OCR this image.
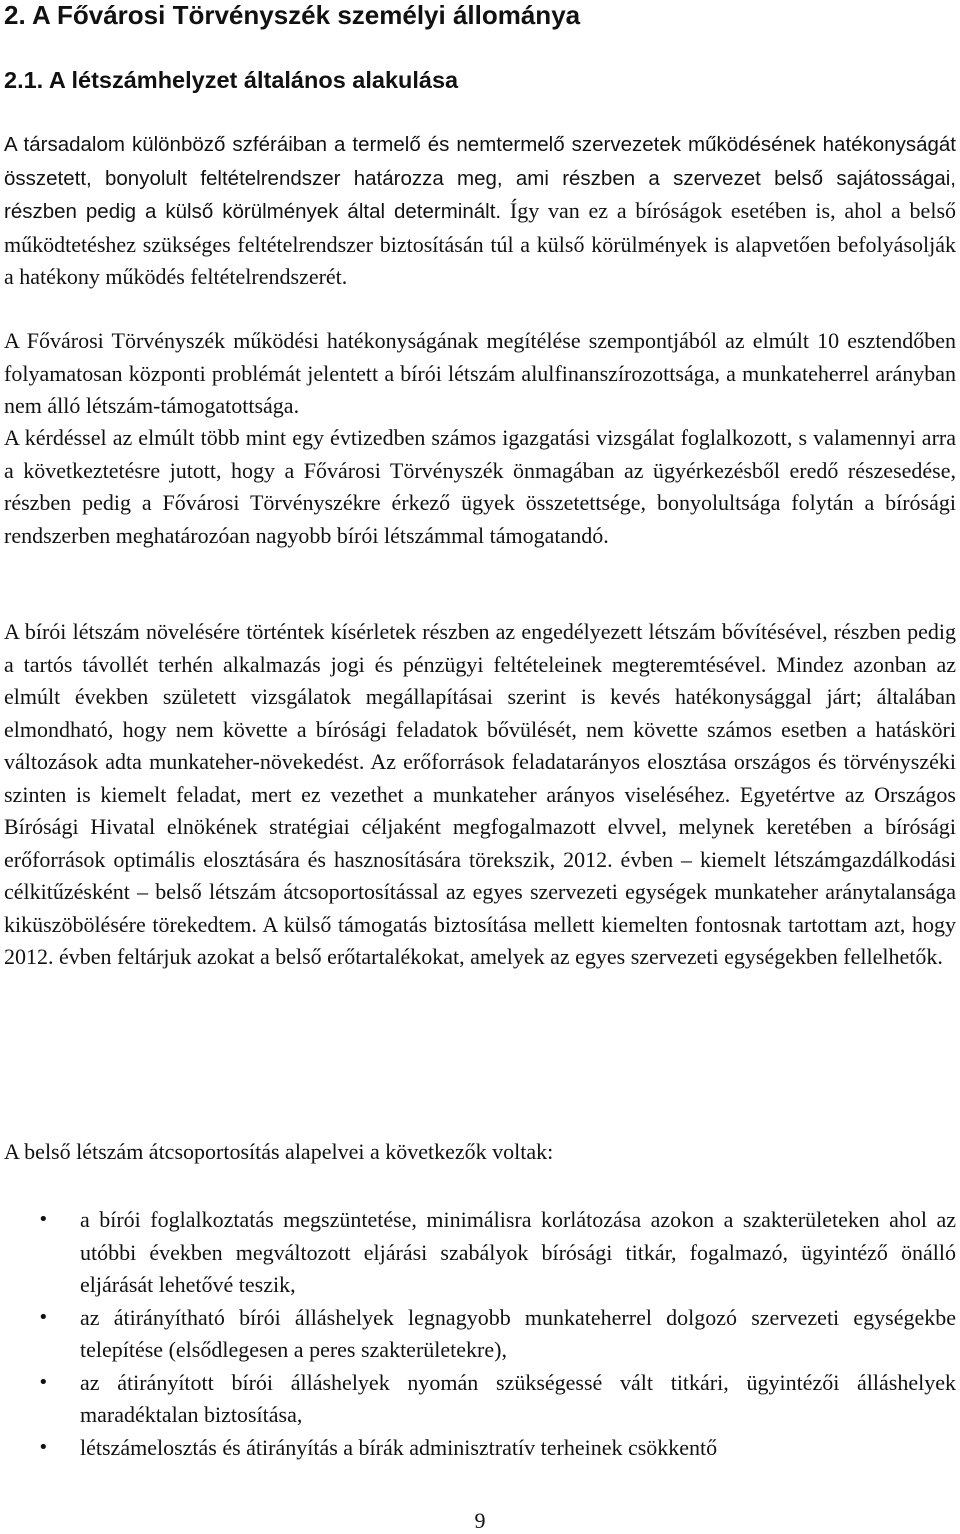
2. A Fővárosi Törvényszék személyi állománya
2.1. A létszámhelyzet általános alakulása

A társadalom különböző szféráiban a termelő és nemtermelő szervezetek működésének hatékonyságát összetett, bonyolult feltételrendszer határozza meg, ami részben a szervezet belső sajátosságai, részben pedig a külső körülmények által determinált. Így van ez a bíróságok esetében is, ahol a belső működtetéshez szükséges feltételrendszer biztosításán túl a külső körülmények is alapvetően befolyásolják a hatékony működés feltételrendszerét.

A Fővárosi Törvényszék működési hatékonyságának megítélése szempontjából az elmúlt 10 esztendőben folyamatosan központi problémát jelentett a bírói létszám alulfinanszírozottsága, a munkateherrel arányban nem álló létszám-támogatottsága.

A kérdéssel az elmúlt több mint egy évtizedben számos igazgatási vizsgálat foglalkozott, s valamennyi arra a következtetésre jutott, hogy a Fővárosi Törvényszék önmagában az ügyérkezésből eredő részesedése, részben pedig a Fővárosi Törvényszékre érkező ügyek összetettsége, bonyolultsága folytán a bírósági rendszerben meghatározóan nagyobb bírói létszámmal támogatandó.

A bírói létszám növelésére történtek kísérletek részben az engedélyezett létszám bővítésével, részben pedig a tartós távollét terhén alkalmazás jogi és pénzügyi feltételeinek megteremtésével. Mindez azonban az elmúlt években született vizsgálatok megállapításai szerint is kevés hatékonysággal járt; általában elmondható, hogy nem követte a bírósági feladatok bővülését, nem követte számos esetben a hatásköri változások adta munkateher-növekedést. Az erőforrások feladatarányos elosztása országos és törvényszéki szinten is kiemelt feladat, mert ez vezethet a munkateher arányos viseléséhez. Egyetértve az Országos Bírósági Hivatal elnökének stratégiai céljaként megfogalmazott elvvel, melynek keretében a bírósági erőforrások optimális elosztására és hasznosítására törekszik, 2012. évben – kiemelt létszámgazdálkodási célkitűzésként – belső létszám átcsoportosítással az egyes szervezeti egységek munkateher aránytalansága kiküszöbölésére törekedtem. A külső támogatás biztosítása mellett kiemelten fontosnak tartottam azt, hogy 2012. évben feltárjuk azokat a belső erőtartalékokat, amelyek az egyes szervezeti egységekben fellelhetők.

A belső létszám átcsoportosítás alapelvei a következők voltak:

• a bírói foglalkoztatás megszüntetése, minimálisra korlátozása azokon a szakterületeken ahol az utóbbi években megváltozott eljárási szabályok bírósági titkár, fogalmazó, ügyintéző önálló eljárását lehetővé teszik,
• az átirányítható bírói álláshelyek legnagyobb munkateherrel dolgozó szervezeti egységekbe telepítése (elsődlegesen a peres szakterületekre),
• az átirányított bírói álláshelyek nyomán szükségessé vált titkári, ügyintézői álláshelyek maradéktalan biztosítása,
• létszámelosztás és átirányítás a bírák adminisztratív terheinek csökkentő
9
